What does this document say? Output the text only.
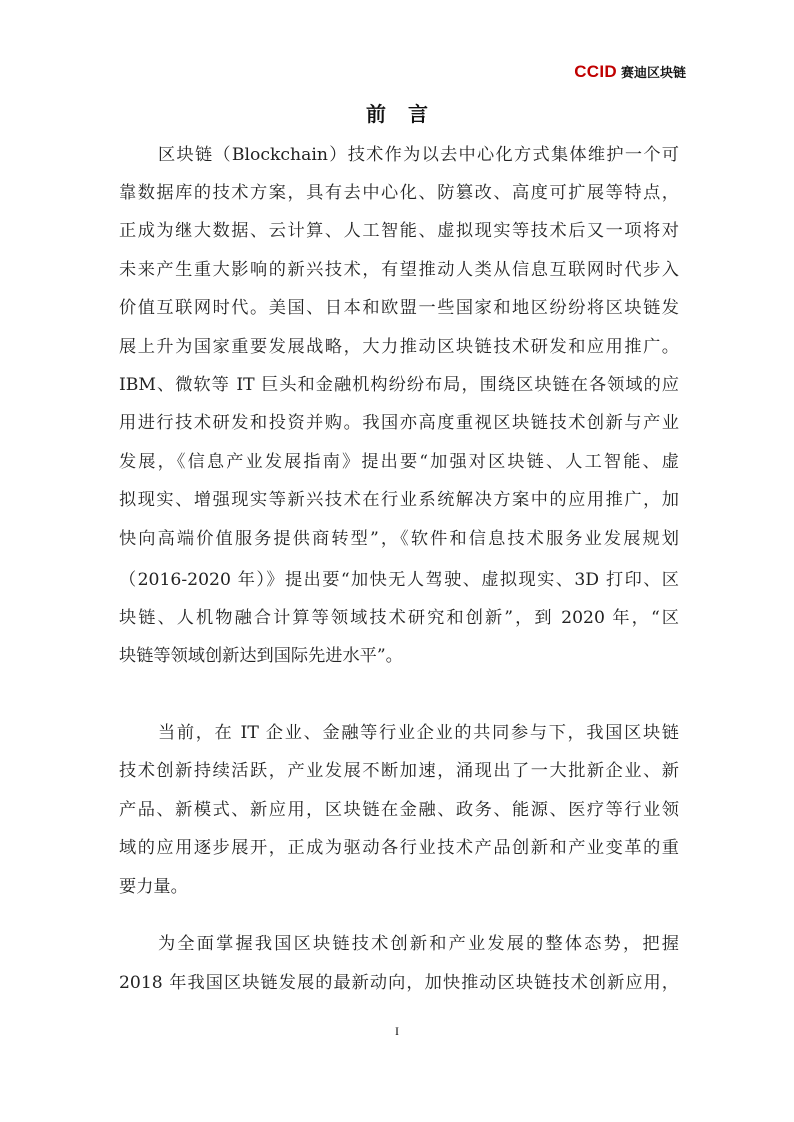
CCID 赛迪区块链
前言
区块链（Blockchain）技术作为以去中心化方式集体维护一个可
靠数据库的技术方案，具有去中心化、防篡改、高度可扩展等特点，
正成为继大数据、云计算、人工智能、虚拟现实等技术后又一项将对
未来产生重大影响的新兴技术，有望推动人类从信息互联网时代步入
价值互联网时代。美国、日本和欧盟一些国家和地区纷纷将区块链发
展上升为国家重要发展战略，大力推动区块链技术研发和应用推广。
IBM、微软等 IT 巨头和金融机构纷纷布局，围绕区块链在各领域的应
用进行技术研发和投资并购。我国亦高度重视区块链技术创新与产业
发展，《信息产业发展指南》提出要“加强对区块链、人工智能、虚
拟现实、增强现实等新兴技术在行业系统解决方案中的应用推广，加
快向高端价值服务提供商转型”，《软件和信息技术服务业发展规划
（2016-2020 年）》提出要“加快无人驾驶、虚拟现实、3D 打印、区
块链、人机物融合计算等领域技术研究和创新”，到 2020 年，“区
块链等领域创新达到国际先进水平”。
当前，在 IT 企业、金融等行业企业的共同参与下，我国区块链
技术创新持续活跃，产业发展不断加速，涌现出了一大批新企业、新
产品、新模式、新应用，区块链在金融、政务、能源、医疗等行业领
域的应用逐步展开，正成为驱动各行业技术产品创新和产业变革的重
要力量。
为全面掌握我国区块链技术创新和产业发展的整体态势，把握
2018 年我国区块链发展的最新动向，加快推动区块链技术创新应用，
I
